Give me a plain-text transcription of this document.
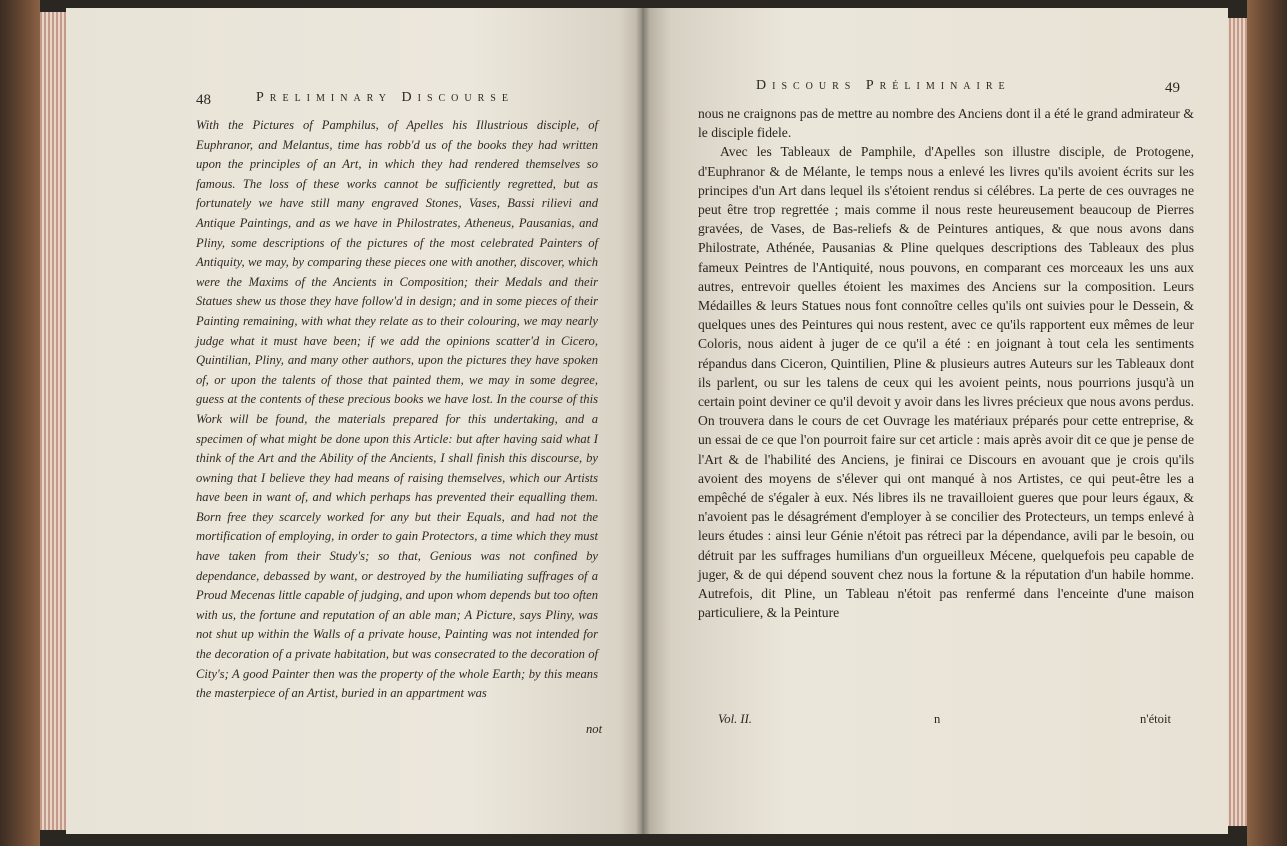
48	Preliminary Discourse
With the Pictures of Pamphilus, of Apelles his Illustrious disciple, of Euphranor, and Melantus, time has robb'd us of the books they had written upon the principles of an Art, in which they had rendered themselves so famous. The loss of these works cannot be sufficiently regretted, but as fortunately we have still many engraved Stones, Vases, Bassi rilievi and Antique Paintings, and as we have in Philostrates, Atheneus, Pausanias, and Pliny, some descriptions of the pictures of the most celebrated Painters of Antiquity, we may, by comparing these pieces one with another, discover, which were the Maxims of the Ancients in Composition; their Medals and their Statues shew us those they have follow'd in design; and in some pieces of their Painting remaining, with what they relate as to their colouring, we may nearly judge what it must have been; if we add the opinions scatter'd in Cicero, Quintilian, Pliny, and many other authors, upon the pictures they have spoken of, or upon the talents of those that painted them, we may in some degree, guess at the contents of these precious books we have lost. In the course of this Work will be found, the materials prepared for this undertaking, and a specimen of what might be done upon this Article: but after having said what I think of the Art and the Ability of the Ancients, I shall finish this discourse, by owning that I believe they had means of raising themselves, which our Artists have been in want of, and which perhaps has prevented their equalling them. Born free they scarcely worked for any but their Equals, and had not the mortification of employing, in order to gain Protectors, a time which they must have taken from their Study's; so that, Genious was not confined by dependance, debassed by want, or destroyed by the humiliating suffrages of a Proud Mecenas little capable of judging, and upon whom depends but too often with us, the fortune and reputation of an able man; A Picture, says Pliny, was not shut up within the Walls of a private house, Painting was not intended for the decoration of a private habitation, but was consecrated to the decoration of City's; A good Painter then was the property of the whole Earth; by this means the masterpiece of an Artist, buried in an appartment was
not
Discours Préliminaire	49

nous ne craignons pas de mettre au nombre des Anciens dont il a été le grand admirateur & le disciple fidele.

Avec les Tableaux de Pamphile, d'Apelles son illustre disciple, de Protogene, d'Euphranor & de Mélante, le temps nous a enlevé les livres qu'ils avoient écrits sur les principes d'un Art dans lequel ils s'étoient rendus si célébres. La perte de ces ouvrages ne peut être trop regrettée ; mais comme il nous reste heureusement beaucoup de Pierres gravées, de Vases, de Bas-reliefs & de Peintures antiques, & que nous avons dans Philostrate, Athénée, Pausanias & Pline quelques descriptions des Tableaux des plus fameux Peintres de l'Antiquité, nous pouvons, en comparant ces morceaux les uns aux autres, entrevoir quelles étoient les maximes des Anciens sur la composition. Leurs Médailles & leurs Statues nous font connoître celles qu'ils ont suivies pour le Dessein, & quelques unes des Peintures qui nous restent, avec ce qu'ils rapportent eux mêmes de leur Coloris, nous aident à juger de ce qu'il a été : en joignant à tout cela les sentiments répandus dans Ciceron, Quintilien, Pline & plusieurs autres Auteurs sur les Tableaux dont ils parlent, ou sur les talens de ceux qui les avoient peints, nous pourrions jusqu'à un certain point deviner ce qu'il devoit y avoir dans les livres précieux que nous avons perdus. On trouvera dans le cours de cet Ouvrage les matériaux préparés pour cette entreprise, & un essai de ce que l'on pourroit faire sur cet article : mais après avoir dit ce que je pense de l'Art & de l'habilité des Anciens, je finirai ce Discours en avouant que je crois qu'ils avoient des moyens de s'élever qui ont manqué à nos Artistes, ce qui peut-être les a empêché de s'égaler à eux. Nés libres ils ne travailloient gueres que pour leurs égaux, & n'avoient pas le désagrément d'employer à se concilier des Protecteurs, un temps enlevé à leurs études : ainsi leur Génie n'étoit pas rétreci par la dépendance, avili par le besoin, ou détruit par les suffrages humilians d'un orgueilleux Mécene, quelquefois peu capable de juger, & de qui dépend souvent chez nous la fortune & la réputation d'un habile homme. Autrefois, dit Pline, un Tableau n'étoit pas renfermé dans l'enceinte d'une maison particuliere, & la Peinture

Vol. II.	n	n'étoit
